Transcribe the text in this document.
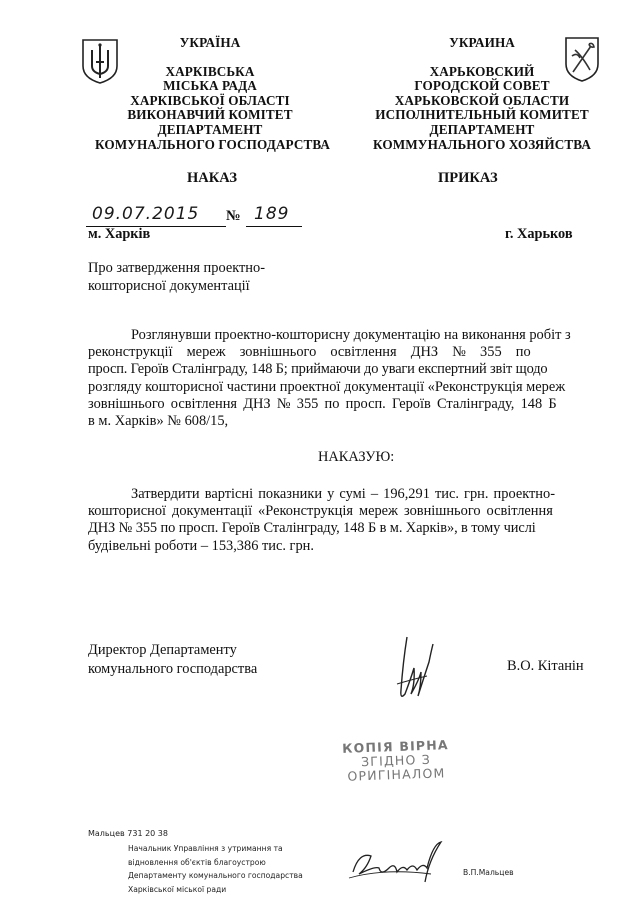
УКРАЇНА
ХАРКІВСЬКА
МІСЬКА РАДА
ХАРКІВСЬКОЇ ОБЛАСТІ
ВИКОНАВЧИЙ КОМІТЕТ
ДЕПАРТАМЕНТ
КОМУНАЛЬНОГО ГОСПОДАРСТВА
УКРАИНА
ХАРЬКОВСКИЙ
ГОРОДСКОЙ СОВЕТ
ХАРЬКОВСКОЙ ОБЛАСТИ
ИСПОЛНИТЕЛЬНЫЙ КОМИТЕТ
ДЕПАРТАМЕНТ
КОММУНАЛЬНОГО ХОЗЯЙСТВА
НАКАЗ	ПРИКАЗ
09.07.2015 № 189
м. Харків	г. Харьков
Про затвердження проектно-
кошторисної документації
Розглянувши проектно-кошторисну документацію на виконання робіт з
реконструкції мереж зовнішнього освітлення ДНЗ № 355 по
просп. Героїв Сталінграду, 148 Б; приймаючи до уваги експертний звіт щодо
розгляду кошторисної частини проектної документації «Реконструкція мереж
зовнішнього освітлення ДНЗ № 355 по просп. Героїв Сталінграду, 148 Б
в м. Харків» № 608/15,
НАКАЗУЮ:
Затвердити вартісні показники у сумі – 196,291 тис. грн. проектно-
кошторисної документації «Реконструкція мереж зовнішнього освітлення
ДНЗ № 355 по просп. Героїв Сталінграду, 148 Б в м. Харків», в тому числі
будівельні роботи – 153,386 тис. грн.
Директор Департаменту
комунального господарства	В.О. Кітанін
КОПІЯ ВІРНА
ЗГІДНО З
ОРИГІНАЛОМ
Мальцев 731 20 38
Начальник Управління з утримання та
відновлення об'єктів благоустрою
Департаменту комунального господарства
Харківської міської ради
В.П.Мальцев
